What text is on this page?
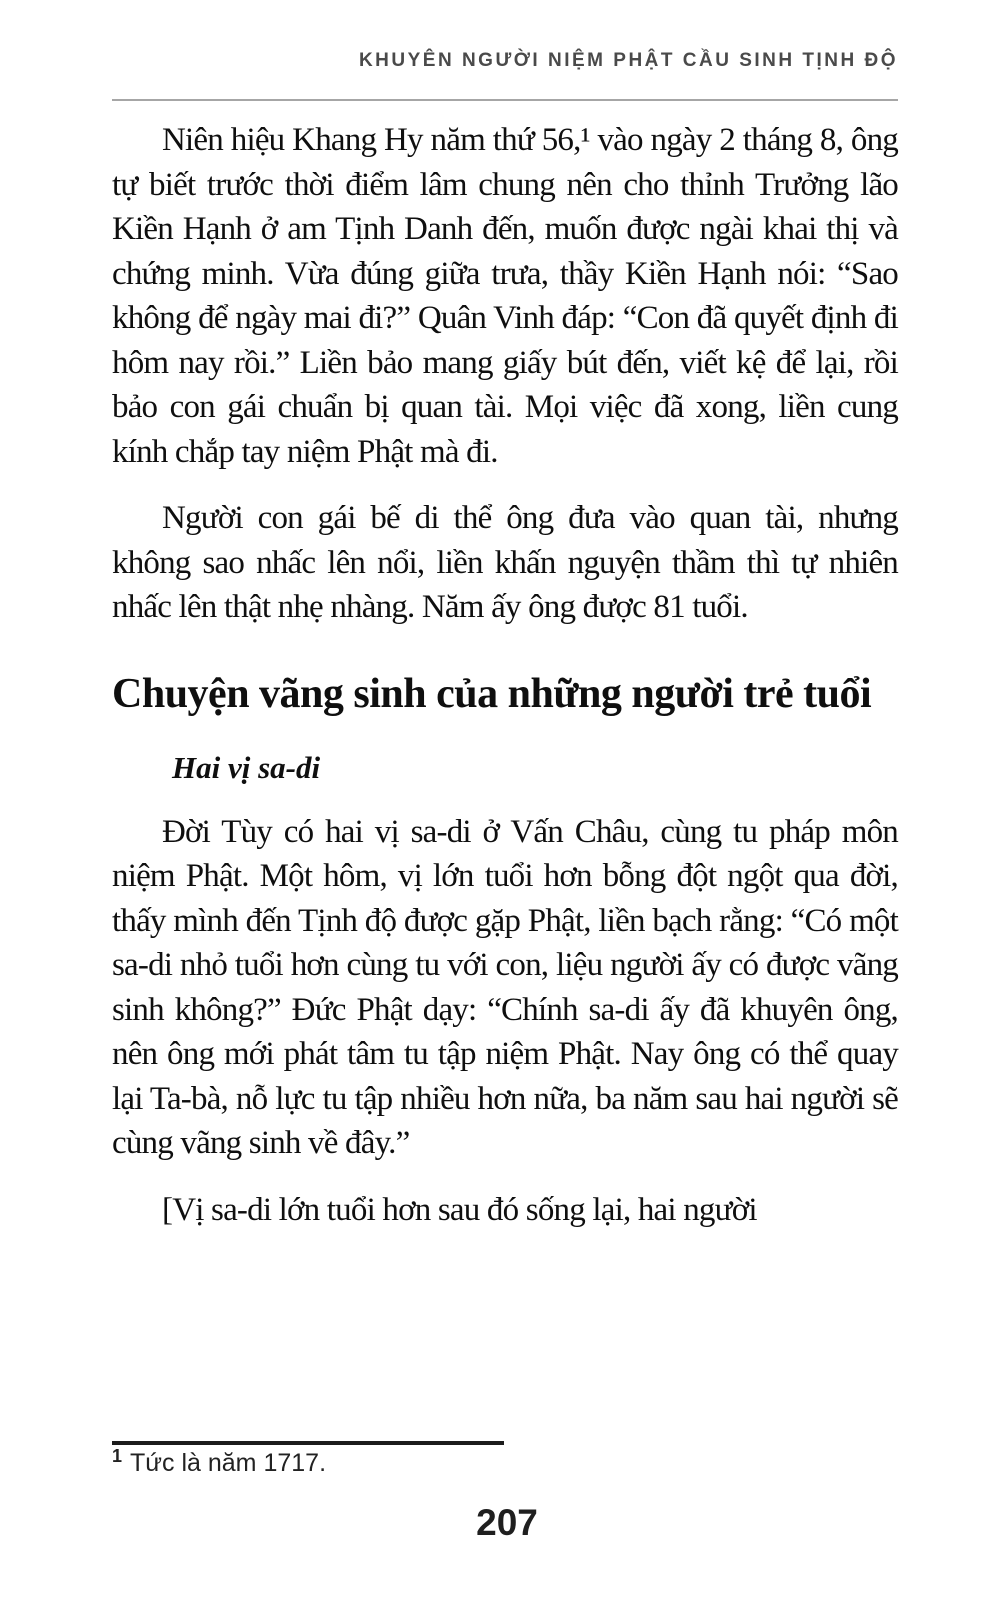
KHUYÊN NGƯỜI NIỆM PHẬT CẦU SINH TỊNH ĐỘ

Niên hiệu Khang Hy năm thứ 56,¹ vào ngày 2 tháng 8, ông tự biết trước thời điểm lâm chung nên cho thỉnh Trưởng lão Kiền Hạnh ở am Tịnh Danh đến, muốn được ngài khai thị và chứng minh. Vừa đúng giữa trưa, thầy Kiền Hạnh nói: “Sao không để ngày mai đi?” Quân Vinh đáp: “Con đã quyết định đi hôm nay rồi.” Liền bảo mang giấy bút đến, viết kệ để lại, rồi bảo con gái chuẩn bị quan tài. Mọi việc đã xong, liền cung kính chắp tay niệm Phật mà đi.

Người con gái bế di thể ông đưa vào quan tài, nhưng không sao nhấc lên nổi, liền khấn nguyện thầm thì tự nhiên nhấc lên thật nhẹ nhàng. Năm ấy ông được 81 tuổi.

Chuyện vãng sinh của những người trẻ tuổi
Hai vị sa-di

Đời Tùy có hai vị sa-di ở Vấn Châu, cùng tu pháp môn niệm Phật. Một hôm, vị lớn tuổi hơn bỗng đột ngột qua đời, thấy mình đến Tịnh độ được gặp Phật, liền bạch rằng: “Có một sa-di nhỏ tuổi hơn cùng tu với con, liệu người ấy có được vãng sinh không?” Đức Phật dạy: “Chính sa-di ấy đã khuyên ông, nên ông mới phát tâm tu tập niệm Phật. Nay ông có thể quay lại Ta-bà, nỗ lực tu tập nhiều hơn nữa, ba năm sau hai người sẽ cùng vãng sinh về đây.”

[Vị sa-di lớn tuổi hơn sau đó sống lại, hai người

$^1$ Tức là năm 1717.
207
